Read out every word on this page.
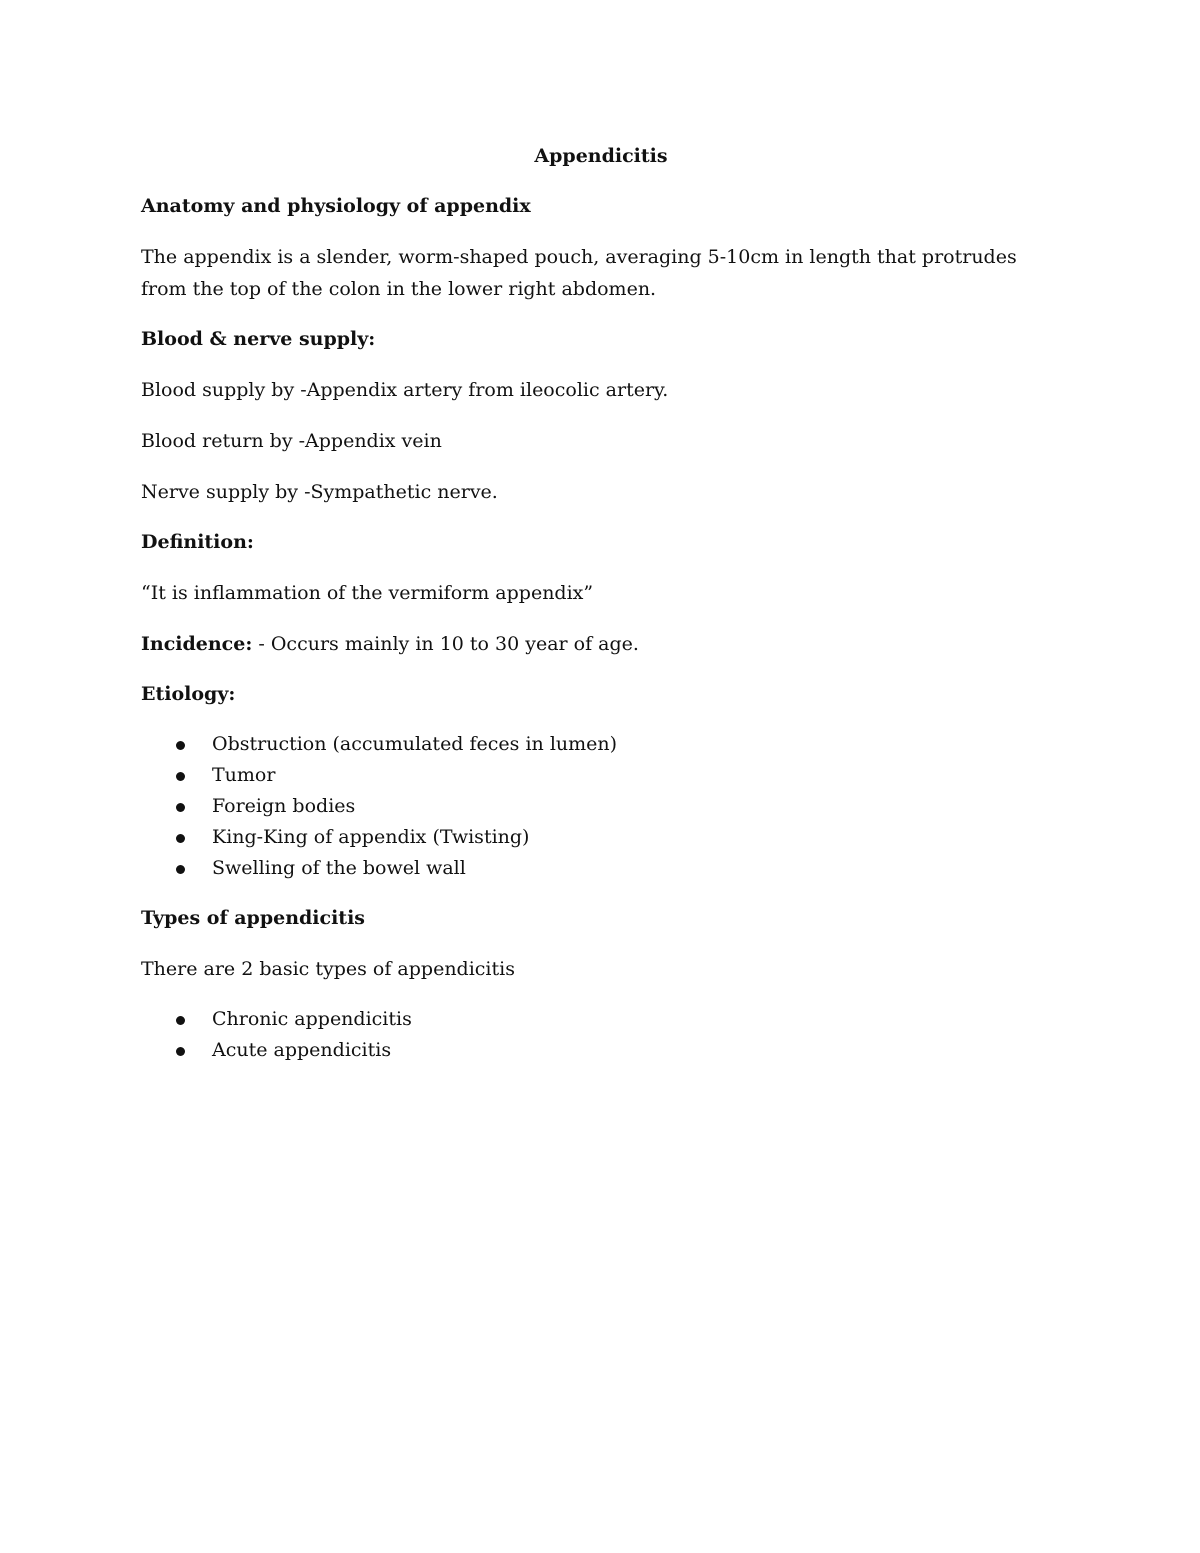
Appendicitis
Anatomy and physiology of appendix

The appendix is a slender, worm-shaped pouch, averaging 5-10cm in length that protrudes from the top of the colon in the lower right abdomen.

Blood & nerve supply:

Blood supply by -Appendix artery from ileocolic artery.

Blood return by -Appendix vein

Nerve supply by -Sympathetic nerve.

Definition:

“It is inflammation of the vermiform appendix”

Incidence: - Occurs mainly in 10 to 30 year of age.

Etiology:
Obstruction (accumulated feces in lumen)
Tumor
Foreign bodies
King-King of appendix (Twisting)
Swelling of the bowel wall
Types of appendicitis

There are 2 basic types of appendicitis

Chronic appendicitis
Acute appendicitis
